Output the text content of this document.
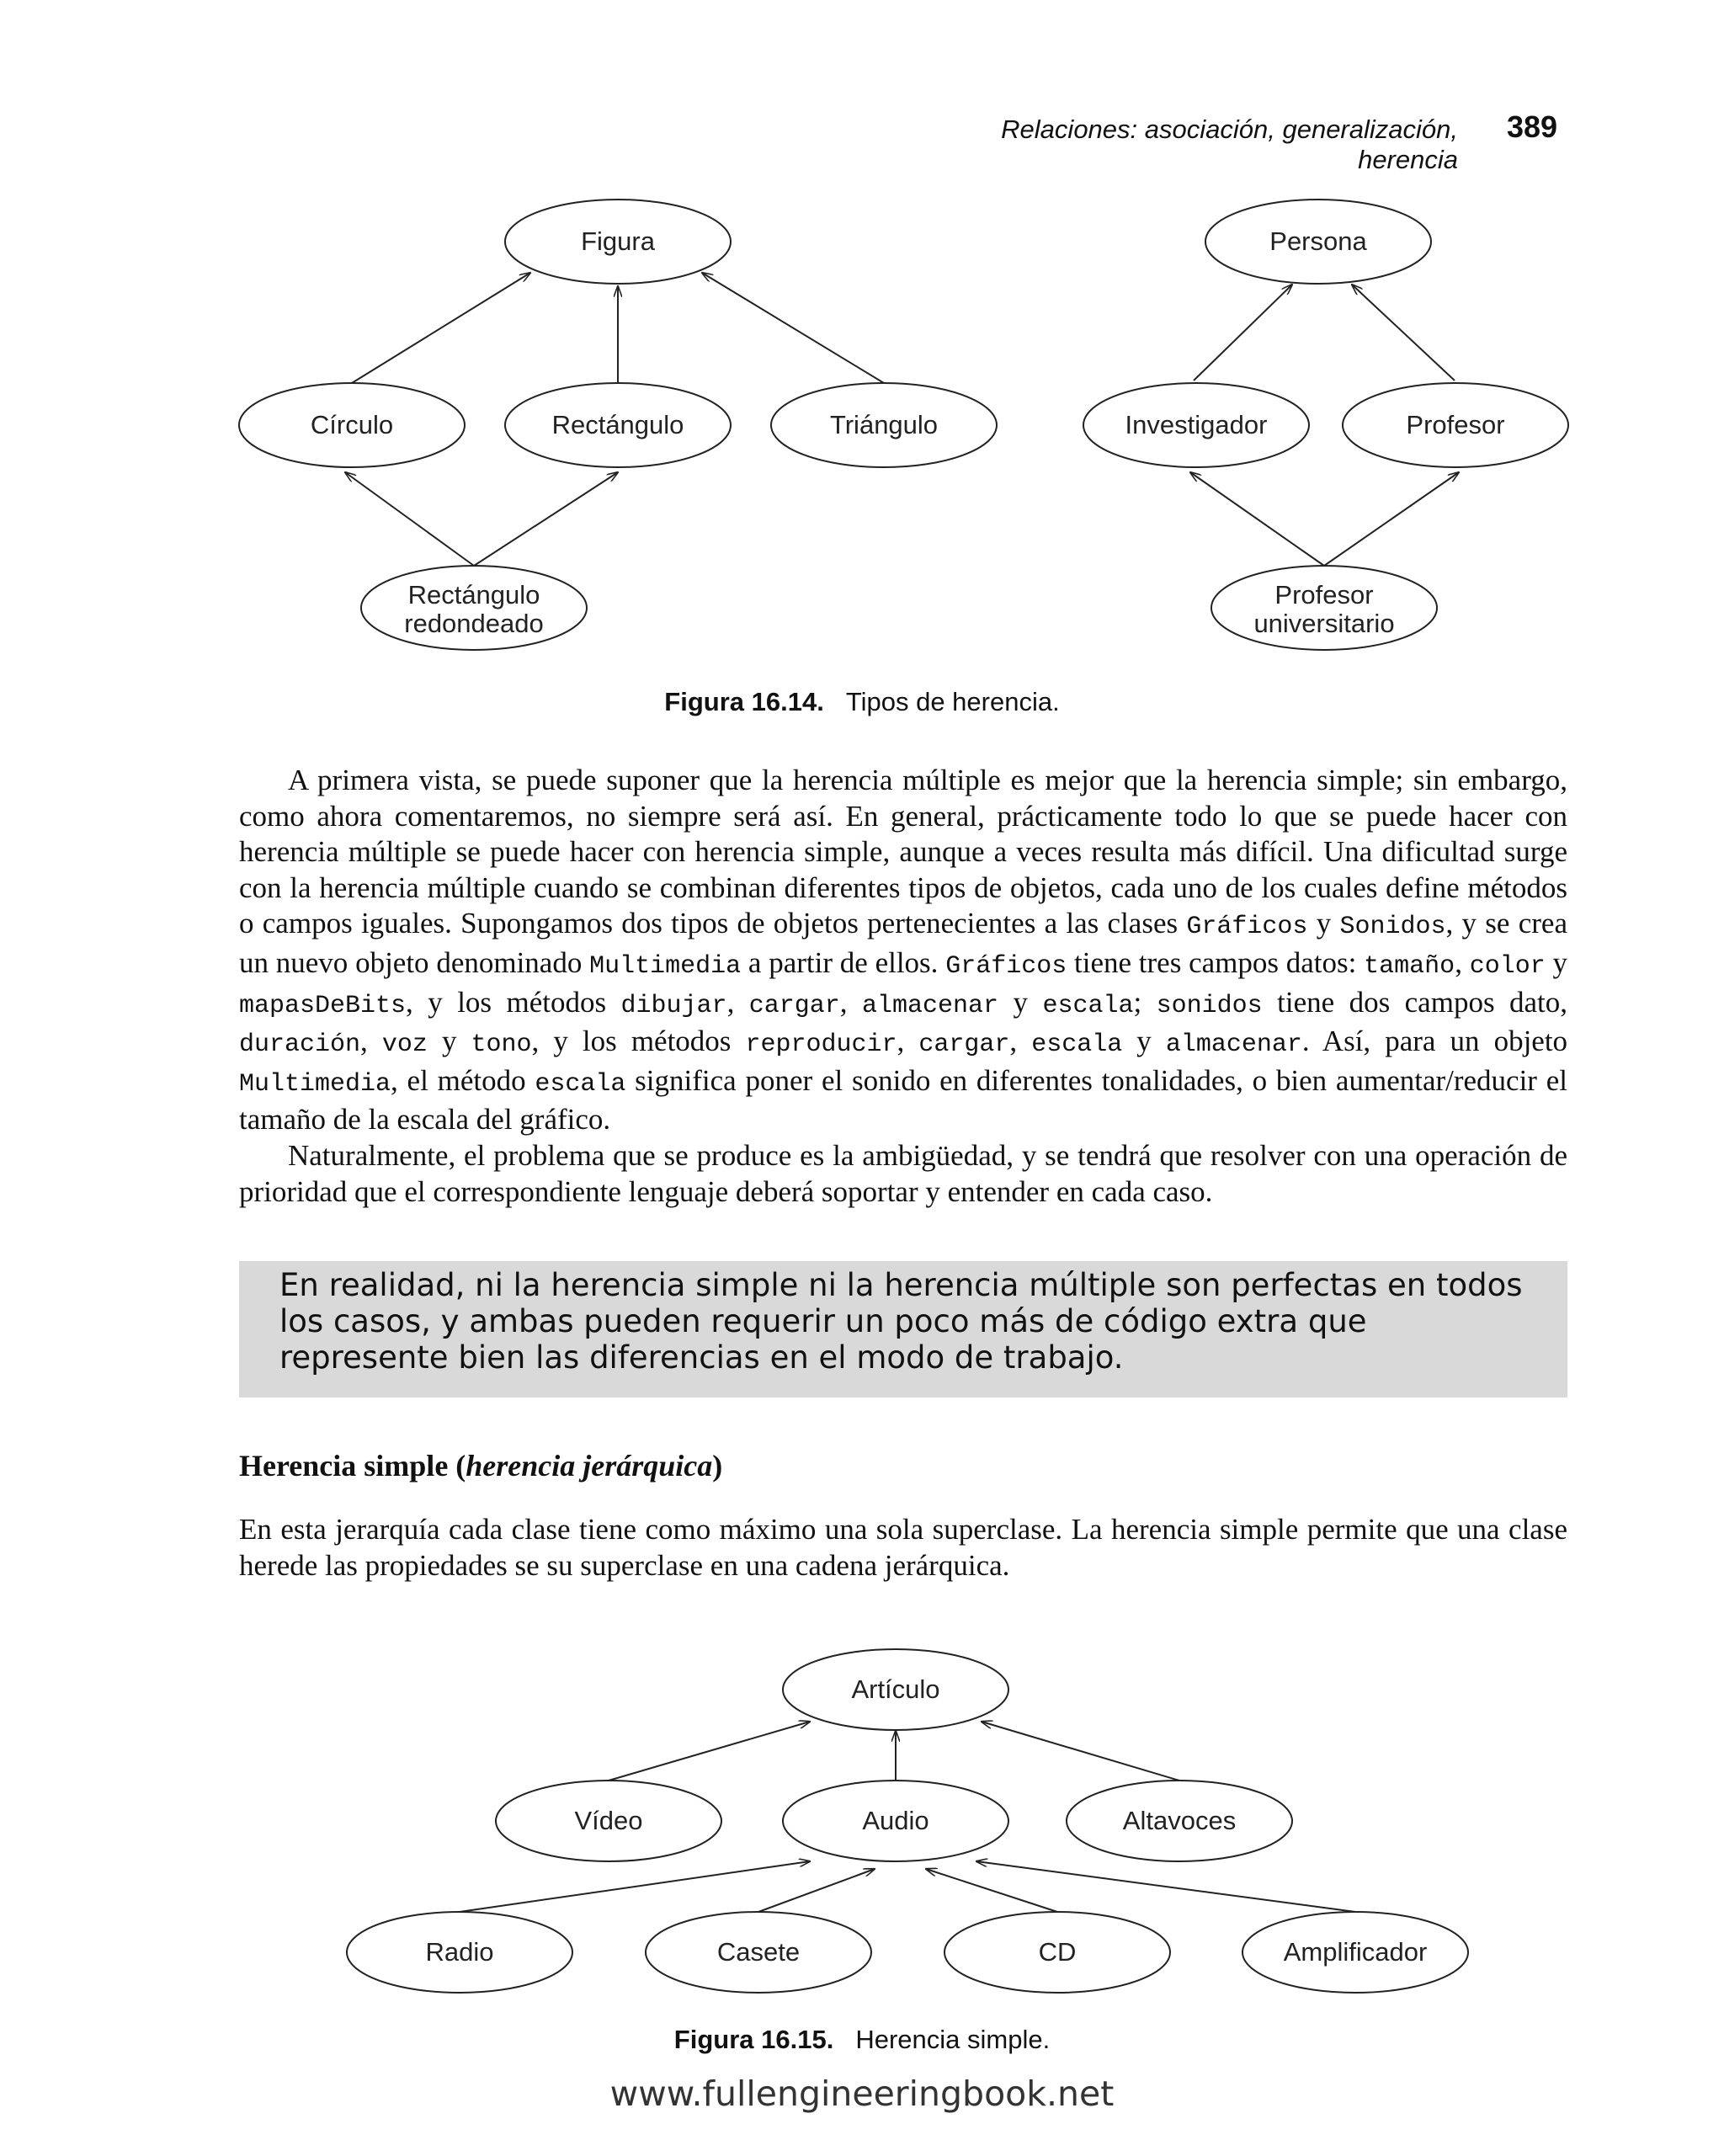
Relaciones: asociación, generalización, herencia
389
Figura
Círculo	Rectángulo	Triángulo
Rectángulo
redondeado
Persona
Investigador	Profesor
Profesor
universitario
Artículo
Vídeo	Audio	Altavoces
Radio	Casete	CD	Amplificador
Figura 16.14. Tipos de herencia.

A primera vista, se puede suponer que la herencia múltiple es mejor que la herencia simple; sin embargo, como ahora comentaremos, no siempre será así. En general, prácticamente todo lo que se puede hacer con herencia múltiple se puede hacer con herencia simple, aunque a veces resulta más difícil. Una dificultad surge con la herencia múltiple cuando se combinan diferentes tipos de objetos, cada uno de los cuales define métodos o campos iguales. Supongamos dos tipos de objetos pertenecientes a las clases Gráficos y Sonidos, y se crea un nuevo objeto denominado Multimedia a partir de ellos. Gráficos tiene tres campos datos: tamaño, color y mapasDeBits, y los métodos dibujar, cargar, almacenar y escala; sonidos tiene dos campos dato, duración, voz y tono, y los métodos reproducir, cargar, escala y almacenar. Así, para un objeto Multimedia, el método escala significa poner el sonido en diferentes tonalidades, o bien aumentar/reducir el tamaño de la escala del gráfico.

Naturalmente, el problema que se produce es la ambigüedad, y se tendrá que resolver con una operación de prioridad que el correspondiente lenguaje deberá soportar y entender en cada caso.

En realidad, ni la herencia simple ni la herencia múltiple son perfectas en todos los casos, y ambas pueden requerir un poco más de código extra que represente bien las diferencias en el modo de trabajo.
Herencia simple (herencia jerárquica)

En esta jerarquía cada clase tiene como máximo una sola superclase. La herencia simple permite que una clase herede las propiedades se su superclase en una cadena jerárquica.

Figura 16.15. Herencia simple.
www.fullengineeringbook.net
